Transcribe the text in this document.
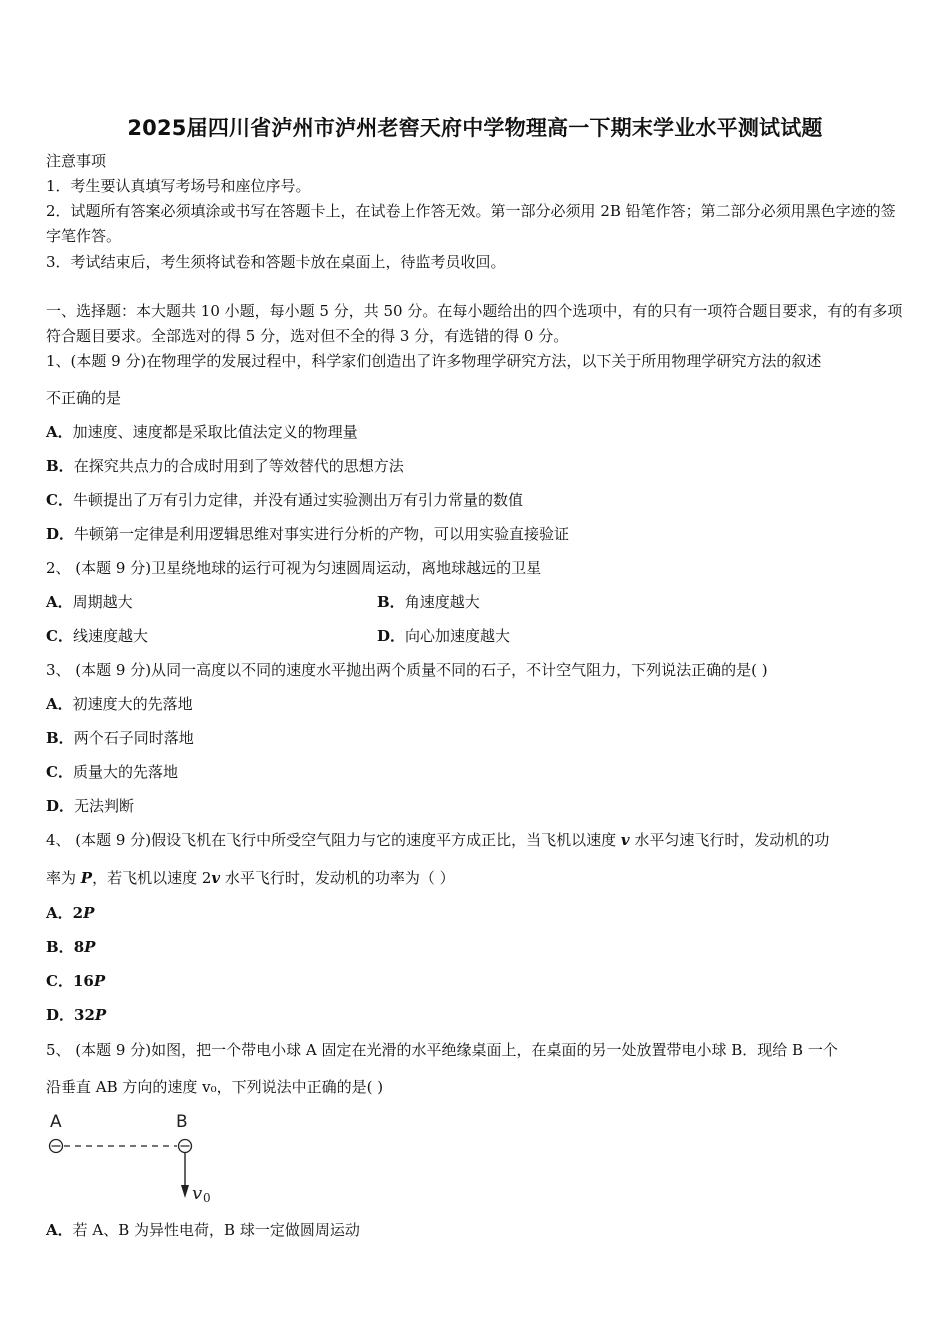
2025届四川省泸州市泸州老窖天府中学物理高一下期末学业水平测试试题
注意事项
1．考生要认真填写考场号和座位序号。
2．试题所有答案必须填涂或书写在答题卡上，在试卷上作答无效。第一部分必须用 2B 铅笔作答；第二部分必须用黑色字迹的签字笔作答。
3．考试结束后，考生须将试卷和答题卡放在桌面上，待监考员收回。
一、选择题：本大题共 10 小题，每小题 5 分，共 50 分。在每小题给出的四个选项中，有的只有一项符合题目要求，有的有多项符合题目要求。全部选对的得 5 分，选对但不全的得 3 分，有选错的得 0 分。
1、(本题 9 分)在物理学的发展过程中，科学家们创造出了许多物理学研究方法，以下关于所用物理学研究方法的叙述
不正确的是
A．加速度、速度都是采取比值法定义的物理量
B．在探究共点力的合成时用到了等效替代的思想方法
C．牛顿提出了万有引力定律，并没有通过实验测出万有引力常量的数值
D．牛顿第一定律是利用逻辑思维对事实进行分析的产物，可以用实验直接验证
2、 (本题 9 分)卫星绕地球的运行可视为匀速圆周运动，离地球越远的卫星
A．周期越大	B．角速度越大
C．线速度越大	D．向心加速度越大
3、 (本题 9 分)从同一高度以不同的速度水平抛出两个质量不同的石子，不计空气阻力，下列说法正确的是( )
A．初速度大的先落地
B．两个石子同时落地
C．质量大的先落地
D．无法判断
4、 (本题 9 分)假设飞机在飞行中所受空气阻力与它的速度平方成正比，当飞机以速度 v 水平匀速飞行时，发动机的功
率为 P，若飞机以速度 2v 水平飞行时，发动机的功率为（ ）
A．2P
B．8P
C．16P
D．32P
5、 (本题 9 分)如图，把一个带电小球 A 固定在光滑的水平绝缘桌面上，在桌面的另一处放置带电小球 B．现给 B 一个
沿垂直 AB 方向的速度 v₀，下列说法中正确的是( )
A	B
v 0
A．若 A、B 为异性电荷，B 球一定做圆周运动
